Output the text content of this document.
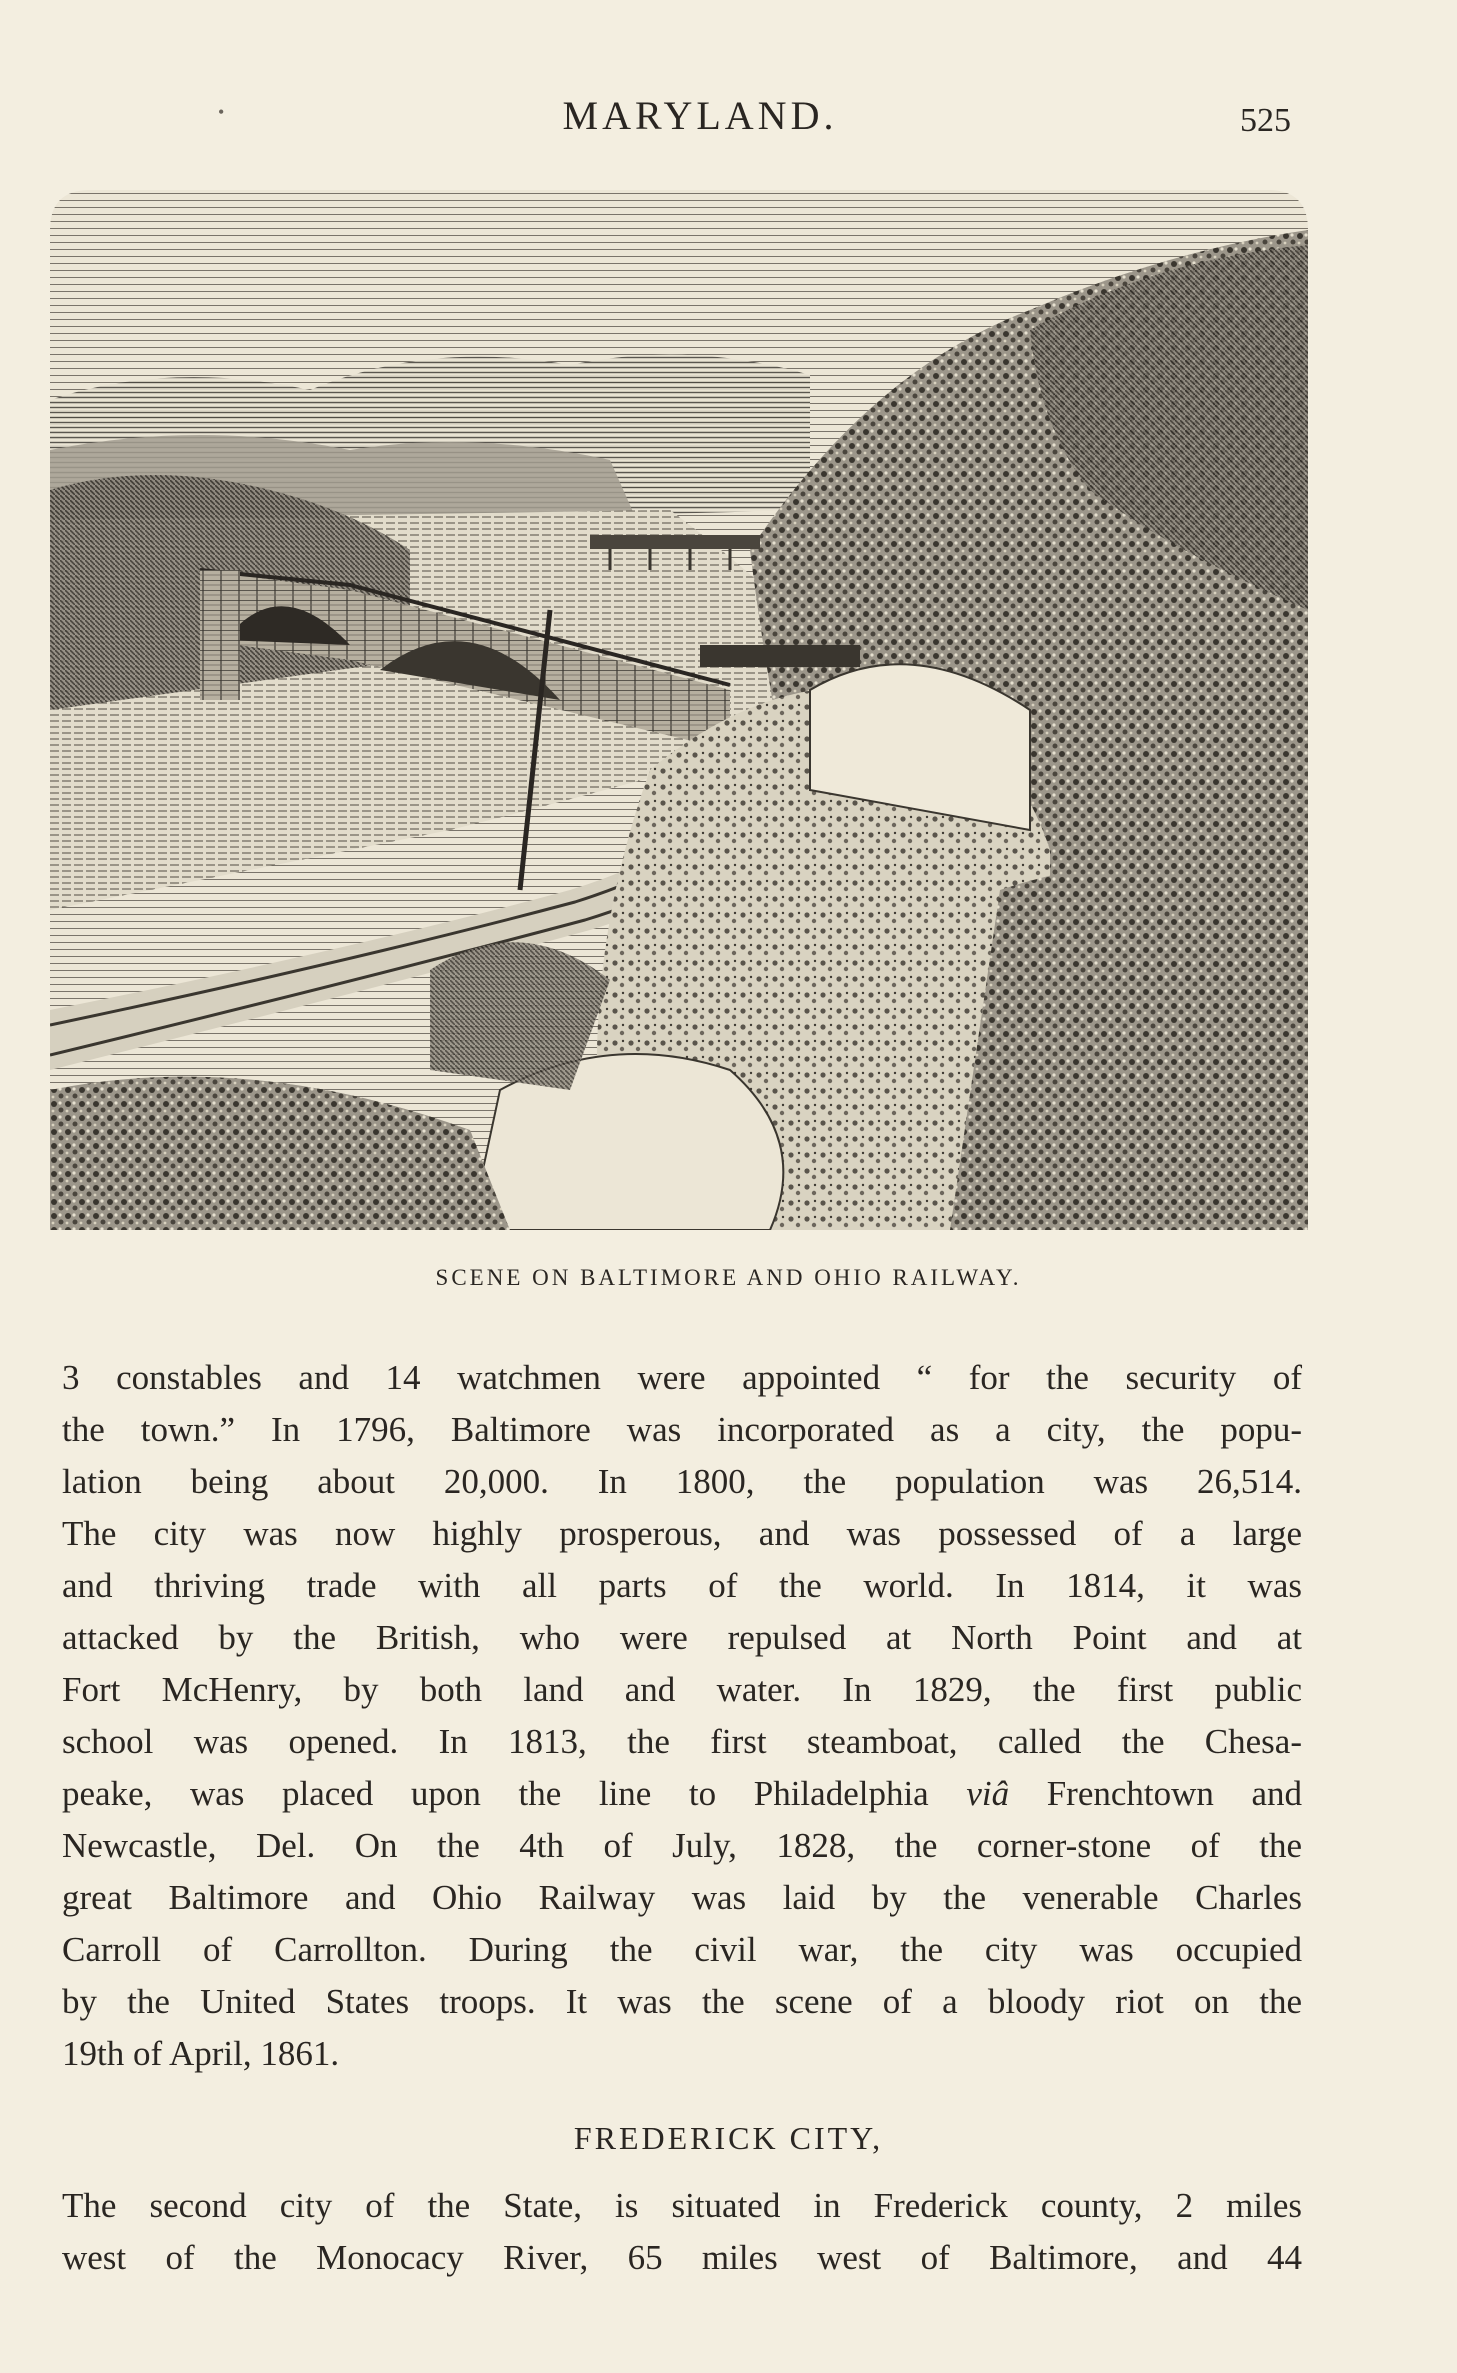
•	MARYLAND.	525
SCENE ON BALTIMORE AND OHIO RAILWAY.
3 constables and 14 watchmen were appointed “ for the security of
the town.” In 1796, Baltimore was incorporated as a city, the popu-
lation being about 20,000. In 1800, the population was 26,514.
The city was now highly prosperous, and was possessed of a large
and thriving trade with all parts of the world. In 1814, it was
attacked by the British, who were repulsed at North Point and at
Fort McHenry, by both land and water. In 1829, the first public
school was opened. In 1813, the first steamboat, called the Chesa-
peake, was placed upon the line to Philadelphia viâ Frenchtown and
Newcastle, Del. On the 4th of July, 1828, the corner-stone of the
great Baltimore and Ohio Railway was laid by the venerable Charles
Carroll of Carrollton. During the civil war, the city was occupied
by the United States troops. It was the scene of a bloody riot on the
19th of April, 1861.
FREDERICK CITY,
The second city of the State, is situated in Frederick county, 2 miles
west of the Monocacy River, 65 miles west of Baltimore, and 44
